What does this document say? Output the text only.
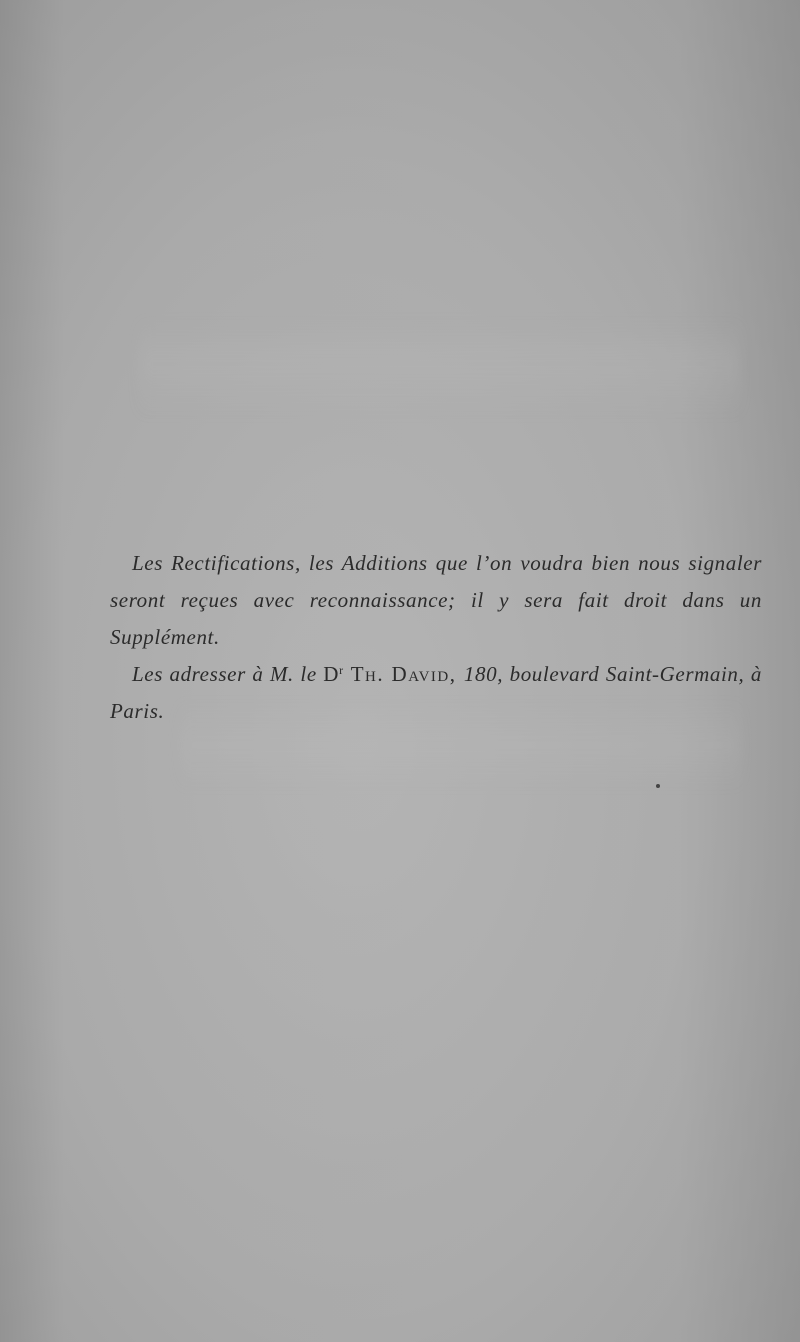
Les Rectifications, les Additions que l’on voudra bien nous signaler seront reçues avec reconnaissance; il y sera fait droit dans un Supplément.

Les adresser à M. le $D^r$ Th. David, 180, boulevard Saint-Germain, à Paris.
